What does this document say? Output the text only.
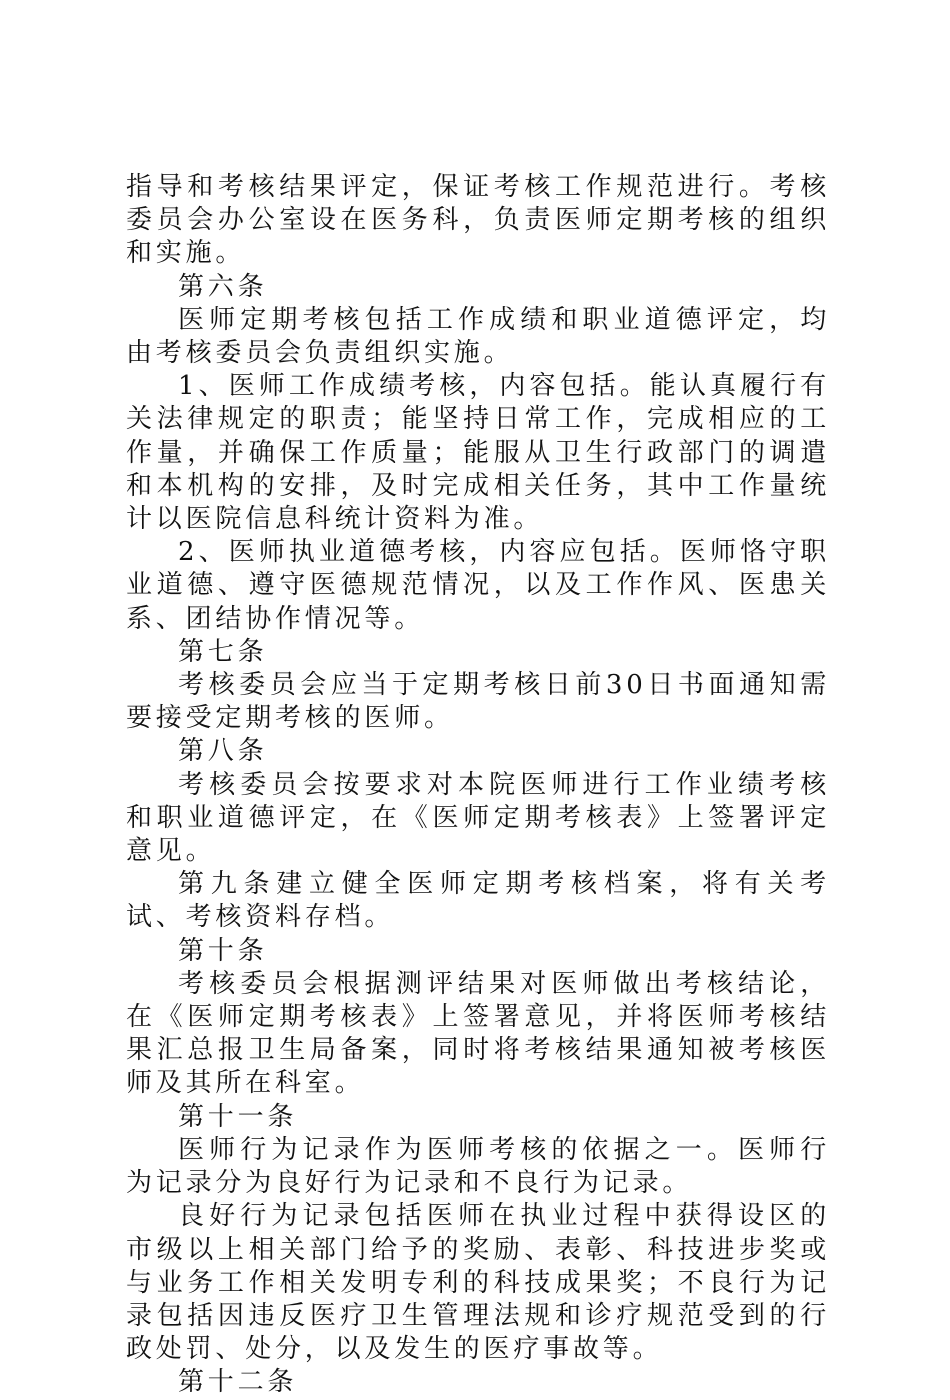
指导和考核结果评定，保证考核工作规范进行。考核委员会办公室设在医务科，负责医师定期考核的组织和实施。

第六条

医师定期考核包括工作成绩和职业道德评定，均由考核委员会负责组织实施。

1、医师工作成绩考核，内容包括。能认真履行有关法律规定的职责；能坚持日常工作，完成相应的工作量，并确保工作质量；能服从卫生行政部门的调遣和本机构的安排，及时完成相关任务，其中工作量统计以医院信息科统计资料为准。

2、医师执业道德考核，内容应包括。医师恪守职业道德、遵守医德规范情况，以及工作作风、医患关系、团结协作情况等。

第七条

考核委员会应当于定期考核日前30日书面通知需要接受定期考核的医师。

第八条

考核委员会按要求对本院医师进行工作业绩考核和职业道德评定，在《医师定期考核表》上签署评定意见。

第九条建立健全医师定期考核档案，将有关考试、考核资料存档。

第十条

考核委员会根据测评结果对医师做出考核结论，在《医师定期考核表》上签署意见，并将医师考核结果汇总报卫生局备案，同时将考核结果通知被考核医师及其所在科室。

第十一条

医师行为记录作为医师考核的依据之一。医师行为记录分为良好行为记录和不良行为记录。

良好行为记录包括医师在执业过程中获得设区的市级以上相关部门给予的奖励、表彰、科技进步奖或与业务工作相关发明专利的科技成果奖；不良行为记录包括因违反医疗卫生管理法规和诊疗规范受到的行政处罚、处分，以及发生的医疗事故等。

第十二条
